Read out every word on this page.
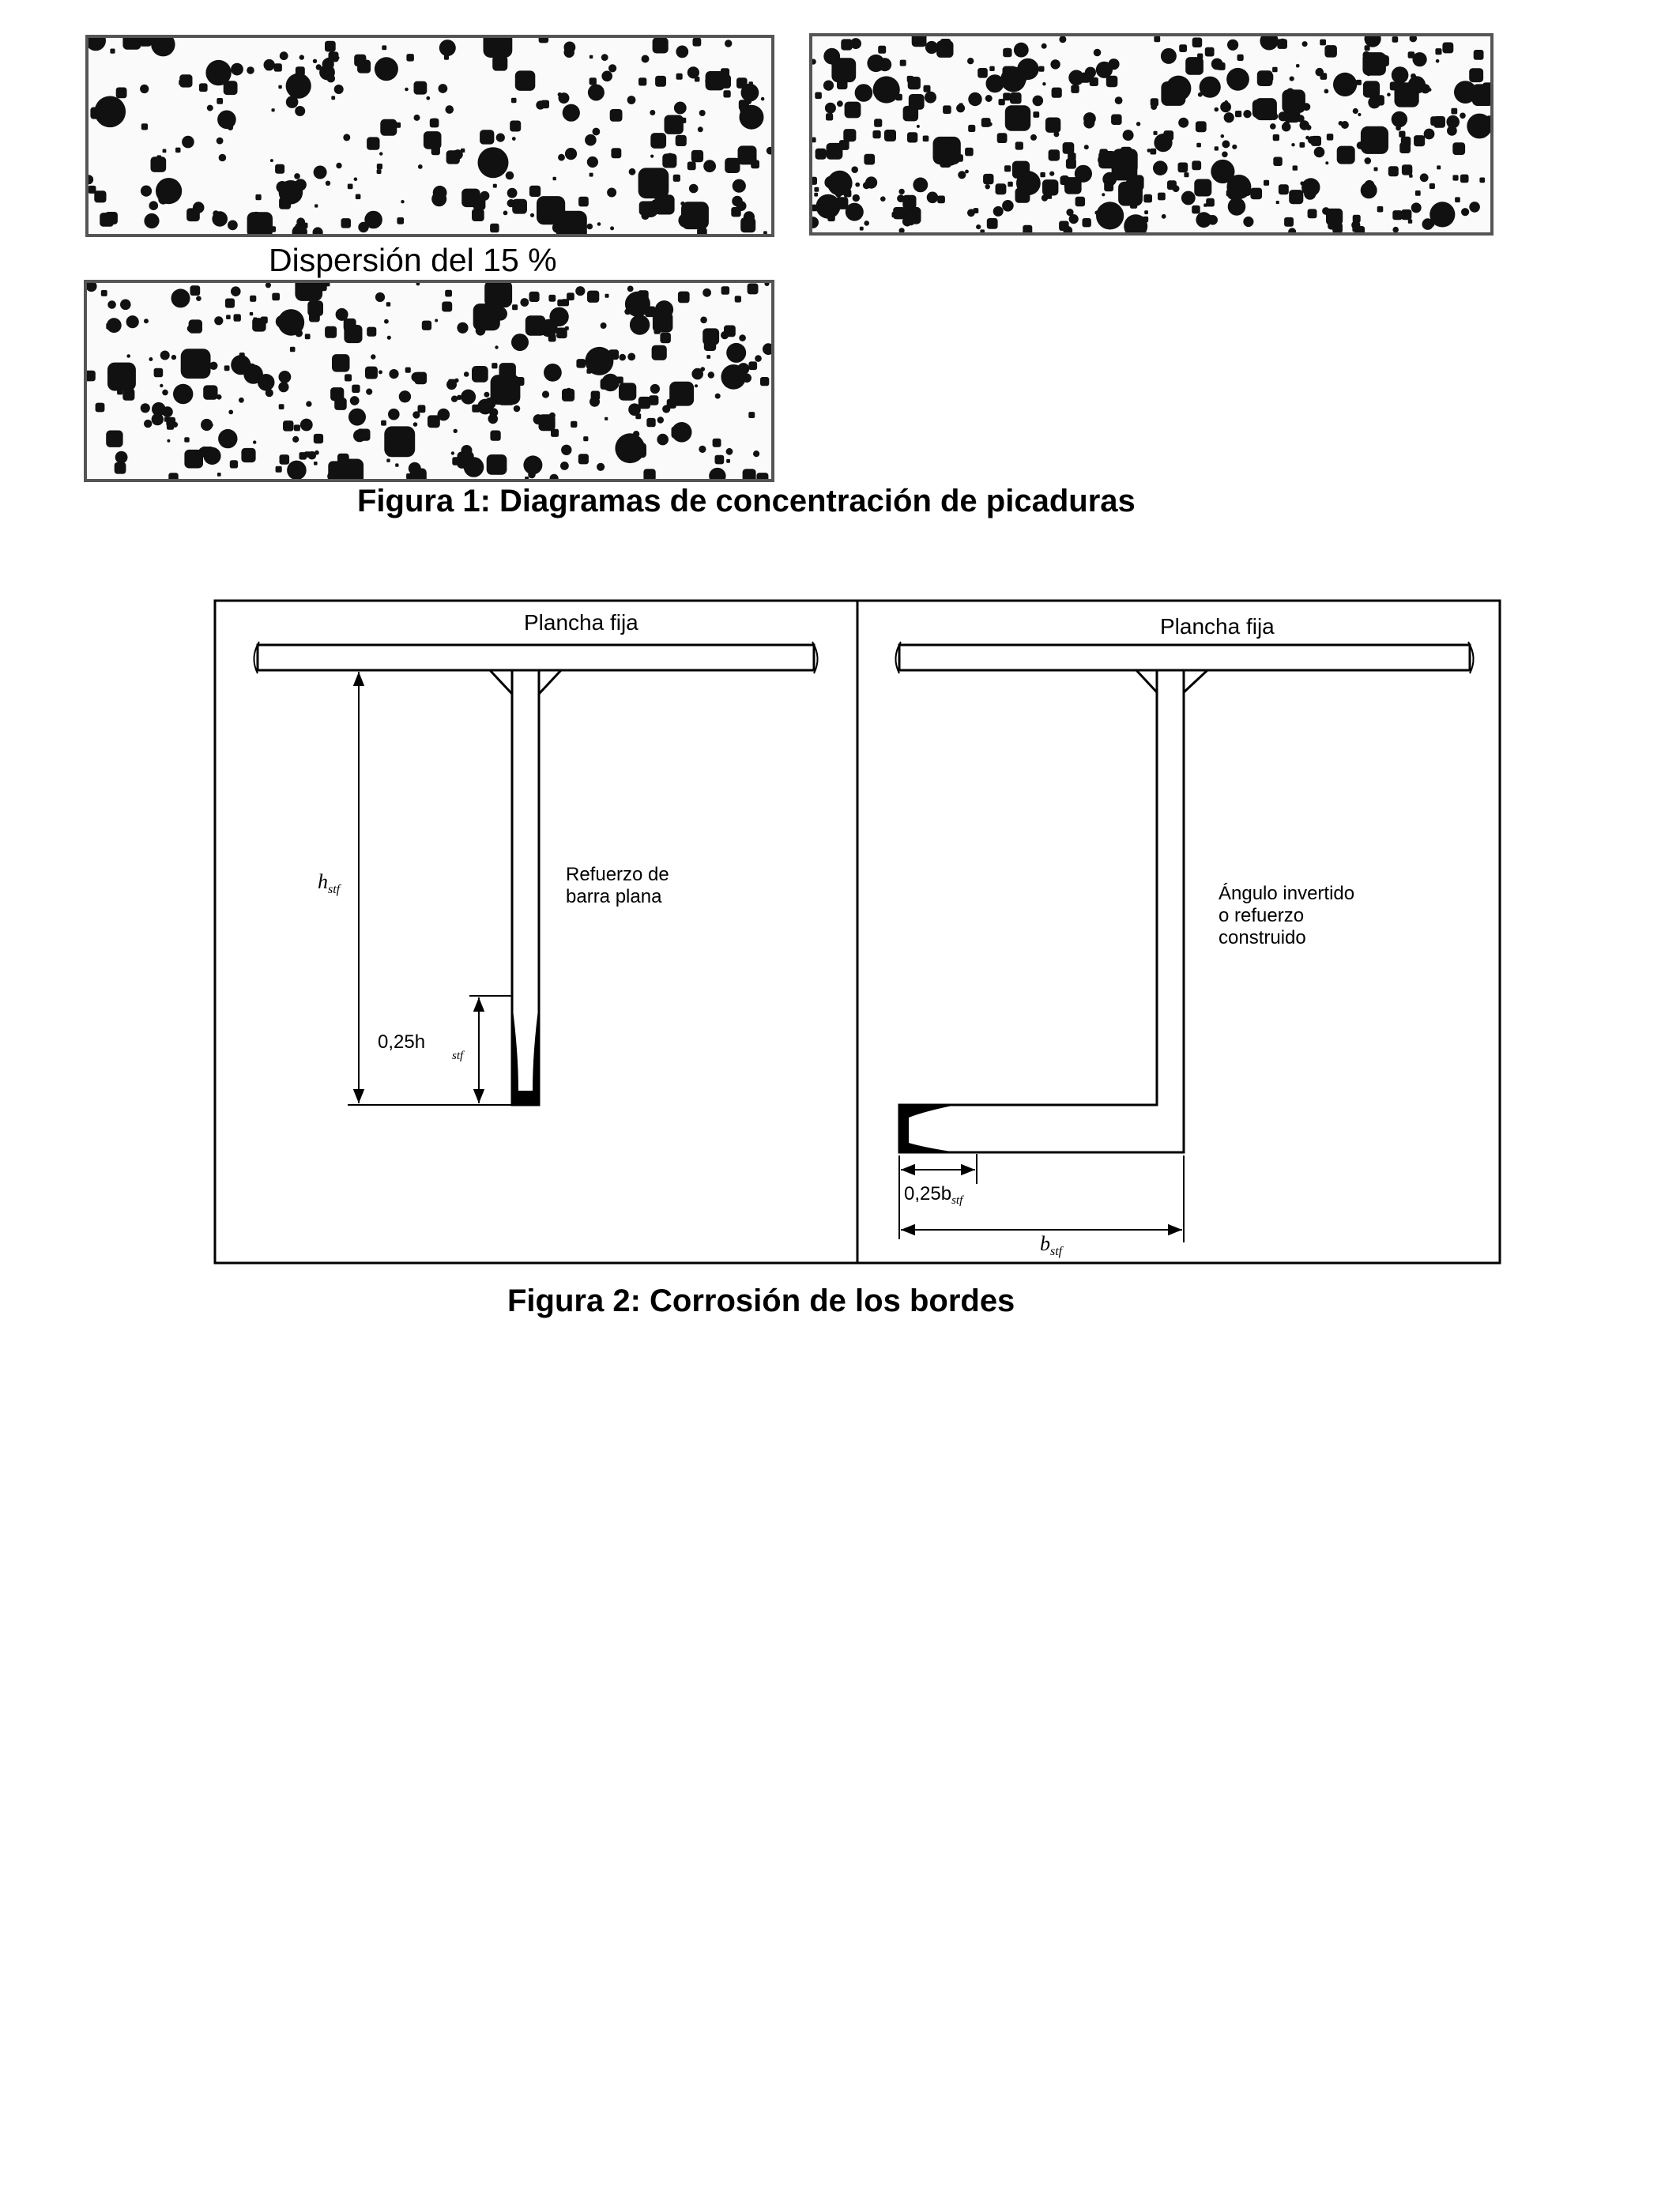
Dispersión del 15 %
Figura 1: Diagramas de concentración de picaduras
Plancha fija
$h_{stf}$
0,25h
stf
Refuerzo de
barra plana
Plancha fija
Ángulo invertido
o refuerzo
construido
$0,25b_{stf}$
$b_{stf}$
Figura 2: Corrosión de los bordes
